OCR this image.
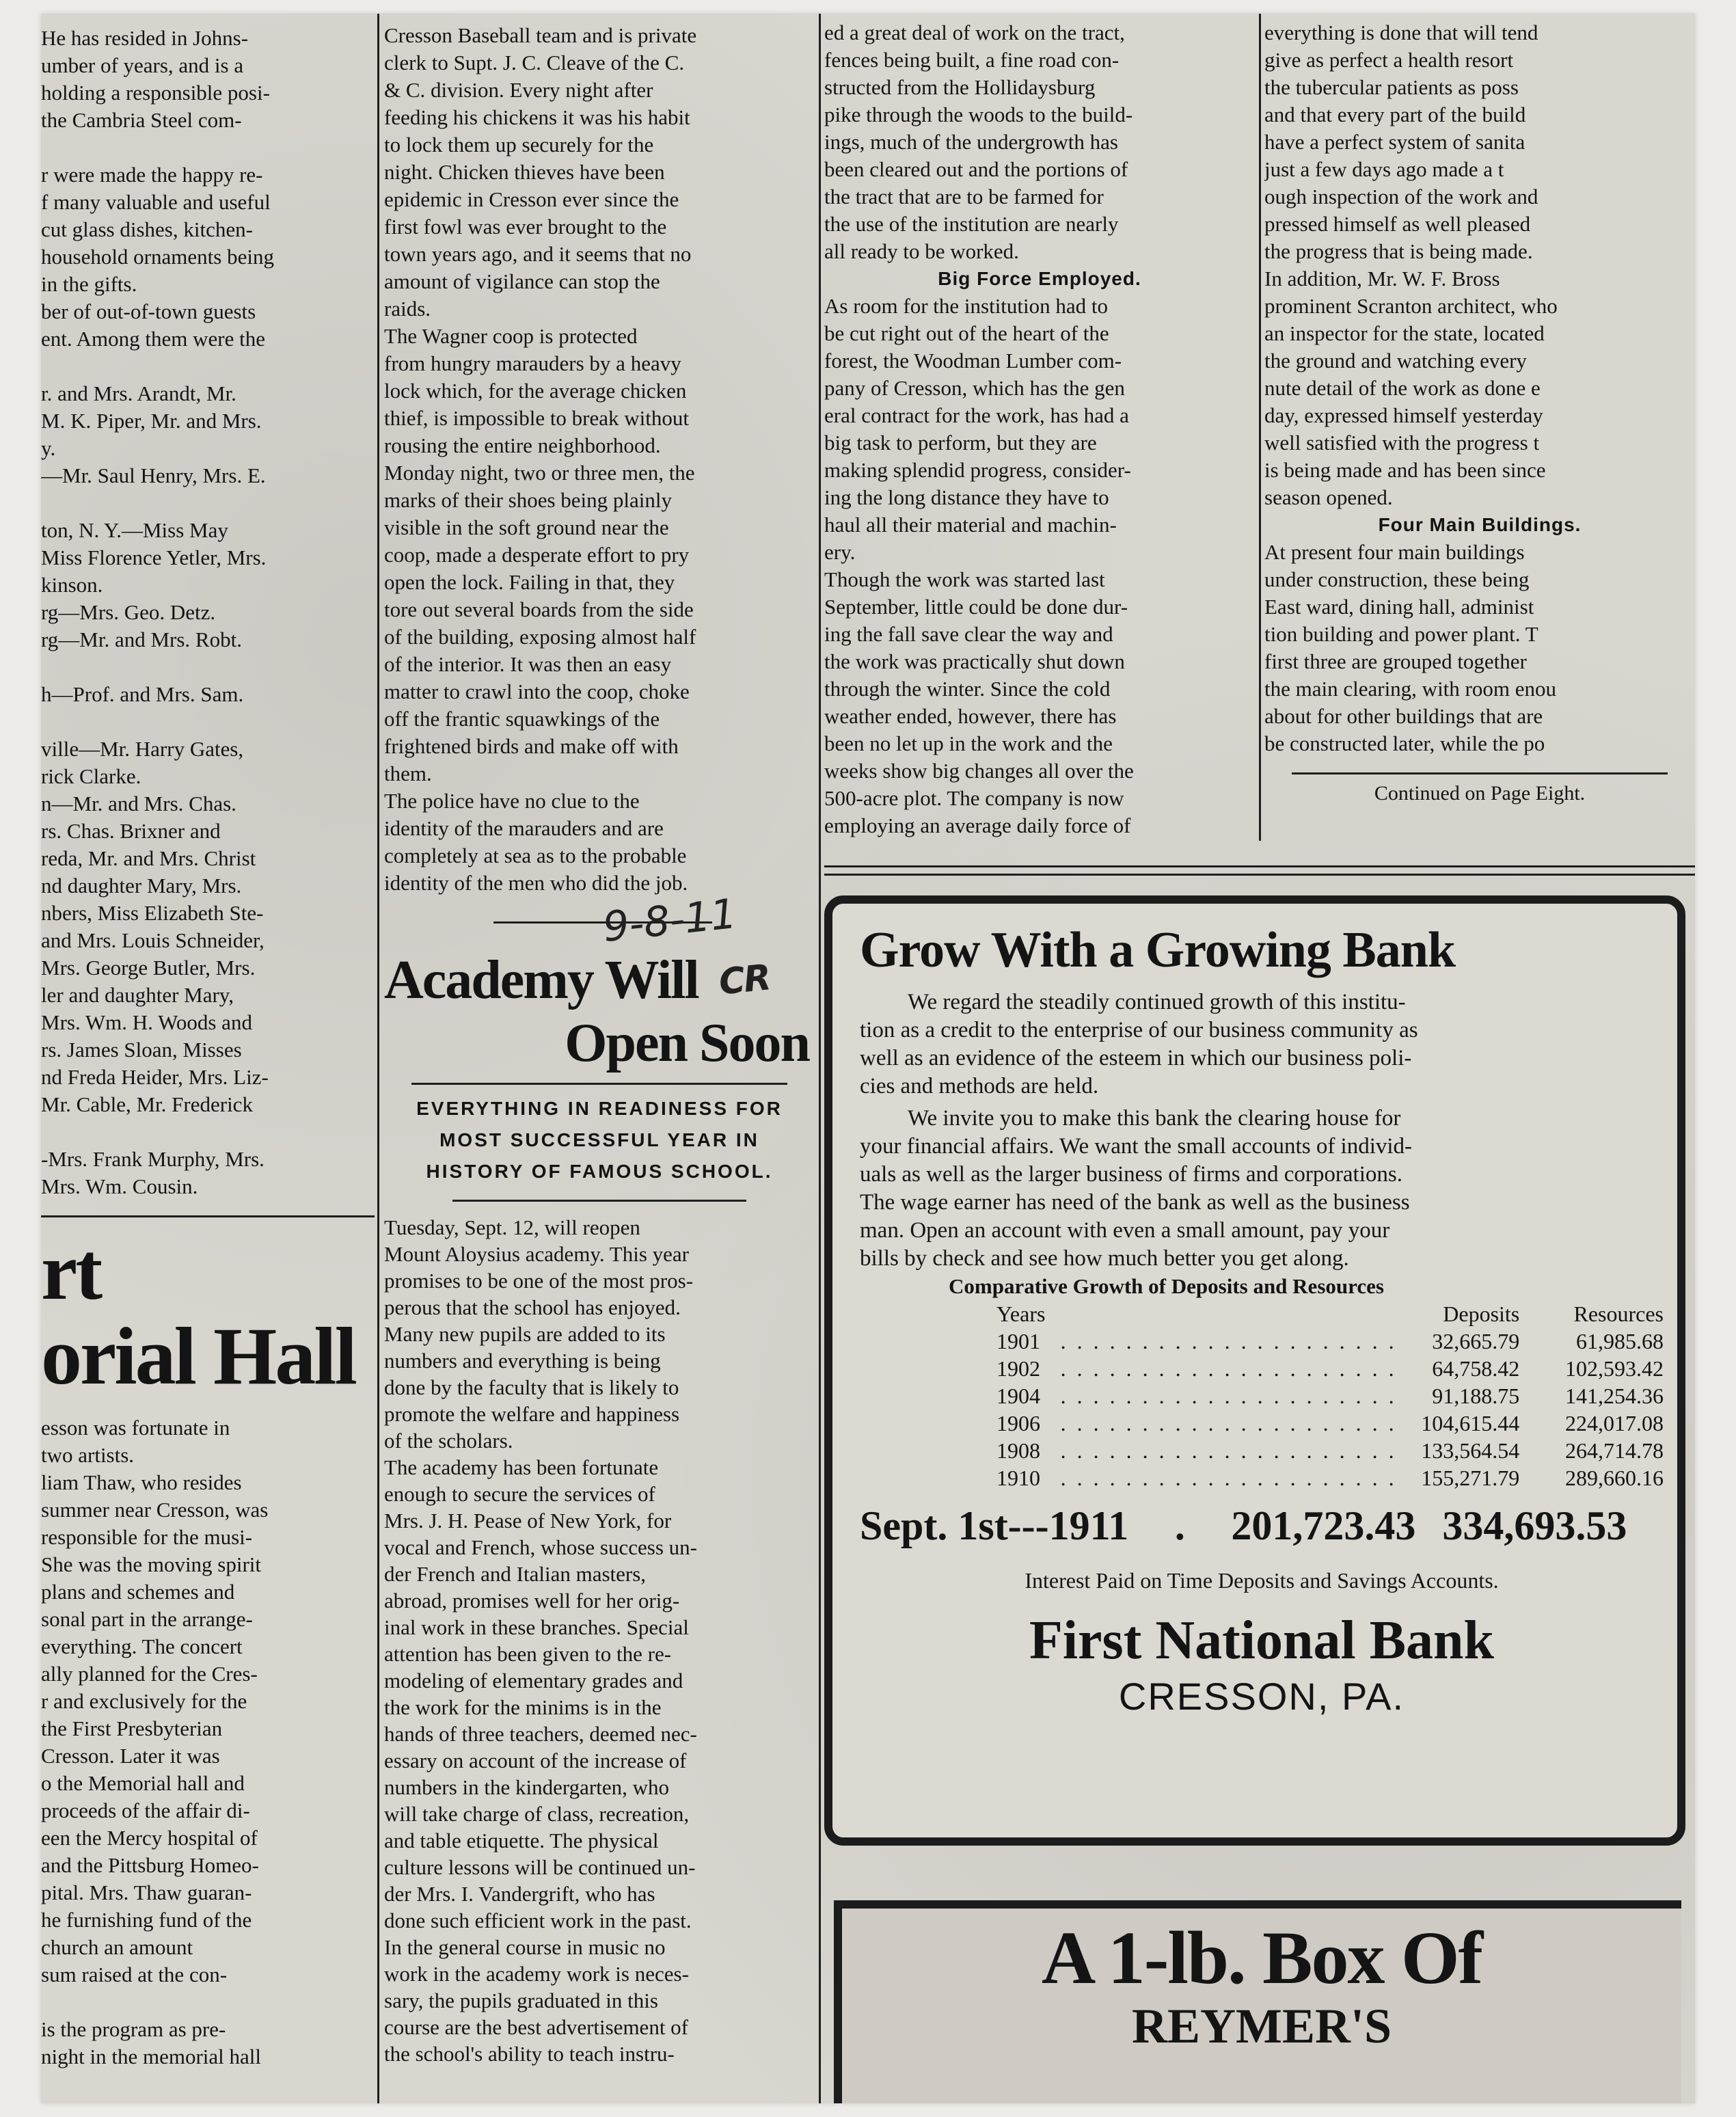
He has resided in Johns-
umber of years, and is a
holding a responsible posi-
the Cambria Steel com-

r were made the happy re-
f many valuable and useful
cut glass dishes, kitchen-
household ornaments being
in the gifts.
ber of out-of-town guests
ent. Among them were the

r. and Mrs. Arandt, Mr.
M. K. Piper, Mr. and Mrs.
y.
—Mr. Saul Henry, Mrs. E.

ton, N. Y.—Miss May
Miss Florence Yetler, Mrs.
kinson.
rg—Mrs. Geo. Detz.
rg—Mr. and Mrs. Robt.

h—Prof. and Mrs. Sam.

ville—Mr. Harry Gates,
rick Clarke.
n—Mr. and Mrs. Chas.
rs. Chas. Brixner and
reda, Mr. and Mrs. Christ
nd daughter Mary, Mrs.
nbers, Miss Elizabeth Ste-
and Mrs. Louis Schneider,
Mrs. George Butler, Mrs.
ler and daughter Mary,
Mrs. Wm. H. Woods and
rs. James Sloan, Misses
nd Freda Heider, Mrs. Liz-
Mr. Cable, Mr. Frederick

-Mrs. Frank Murphy, Mrs.
Mrs. Wm. Cousin.

rt
orial Hall

esson was fortunate in
two artists.
liam Thaw, who resides
summer near Cresson, was
responsible for the musi-
She was the moving spirit
plans and schemes and
sonal part in the arrange-
everything. The concert
ally planned for the Cres-
r and exclusively for the
the First Presbyterian
Cresson. Later it was
o the Memorial hall and
proceeds of the affair di-
een the Mercy hospital of
and the Pittsburg Homeo-
pital. Mrs. Thaw guaran-
he furnishing fund of the
church an amount
sum raised at the con-

is the program as pre-
night in the memorial hall

Cresson Baseball team and is private
clerk to Supt. J. C. Cleave of the C.
& C. division. Every night after
feeding his chickens it was his habit
to lock them up securely for the
night. Chicken thieves have been
epidemic in Cresson ever since the
first fowl was ever brought to the
town years ago, and it seems that no
amount of vigilance can stop the
raids.
The Wagner coop is protected
from hungry marauders by a heavy
lock which, for the average chicken
thief, is impossible to break without
rousing the entire neighborhood.
Monday night, two or three men, the
marks of their shoes being plainly
visible in the soft ground near the
coop, made a desperate effort to pry
open the lock. Failing in that, they
tore out several boards from the side
of the building, exposing almost half
of the interior. It was then an easy
matter to crawl into the coop, choke
off the frantic squawkings of the
frightened birds and make off with
them.
The police have no clue to the
identity of the marauders and are
completely at sea as to the probable
identity of the men who did the job.

9-8-11
Academy Will CR
Open Soon
EVERYTHING IN READINESS FOR
MOST SUCCESSFUL YEAR IN
HISTORY OF FAMOUS SCHOOL.

Tuesday, Sept. 12, will reopen
Mount Aloysius academy. This year
promises to be one of the most pros-
perous that the school has enjoyed.
Many new pupils are added to its
numbers and everything is being
done by the faculty that is likely to
promote the welfare and happiness
of the scholars.
The academy has been fortunate
enough to secure the services of
Mrs. J. H. Pease of New York, for
vocal and French, whose success un-
der French and Italian masters,
abroad, promises well for her orig-
inal work in these branches. Special
attention has been given to the re-
modeling of elementary grades and
the work for the minims is in the
hands of three teachers, deemed nec-
essary on account of the increase of
numbers in the kindergarten, who
will take charge of class, recreation,
and table etiquette. The physical
culture lessons will be continued un-
der Mrs. I. Vandergrift, who has
done such efficient work in the past.
In the general course in music no
work in the academy work is neces-
sary, the pupils graduated in this
course are the best advertisement of
the school's ability to teach instru-

ed a great deal of work on the tract,
fences being built, a fine road con-
structed from the Hollidaysburg
pike through the woods to the build-
ings, much of the undergrowth has
been cleared out and the portions of
the tract that are to be farmed for
the use of the institution are nearly
all ready to be worked.

Big Force Employed.

As room for the institution had to
be cut right out of the heart of the
forest, the Woodman Lumber com-
pany of Cresson, which has the gen
eral contract for the work, has had a
big task to perform, but they are
making splendid progress, consider-
ing the long distance they have to
haul all their material and machin-
ery.
Though the work was started last
September, little could be done dur-
ing the fall save clear the way and
the work was practically shut down
through the winter. Since the cold
weather ended, however, there has
been no let up in the work and the
weeks show big changes all over the
500-acre plot. The company is now
employing an average daily force of

everything is done that will tend
give as perfect a health resort
the tubercular patients as poss
and that every part of the build
have a perfect system of sanita
just a few days ago made a t
ough inspection of the work and
pressed himself as well pleased
the progress that is being made.
In addition, Mr. W. F. Bross
prominent Scranton architect, who
an inspector for the state, located
the ground and watching every
nute detail of the work as done e
day, expressed himself yesterday
well satisfied with the progress t
is being made and has been since
season opened.

Four Main Buildings.

At present four main buildings
under construction, these being
East ward, dining hall, administ
tion building and power plant. T
first three are grouped together
the main clearing, with room enou
about for other buildings that are
be constructed later, while the po

Continued on Page Eight.
Grow With a Growing Bank

We regard the steadily continued growth of this institu-
tion as a credit to the enterprise of our business community as
well as an evidence of the esteem in which our business poli-
cies and methods are held.

We invite you to make this bank the clearing house for
your financial affairs. We want the small accounts of individ-
uals as well as the larger business of firms and corporations.
The wage earner has need of the bank as well as the business
man. Open an account with even a small amount, pay your
bills by check and see how much better you get along.

Comparative Growth of Deposits and Resources
Years		Deposits	Resources
1901	. . . . . . . . . . . . . . . . . . . . .	32,665.79	61,985.68
1902	. . . . . . . . . . . . . . . . . . . . .	64,758.42	102,593.42
1904	. . . . . . . . . . . . . . . . . . . . .	91,188.75	141,254.36
1906	. . . . . . . . . . . . . . . . . . . . .	104,615.44	224,017.08
1908	. . . . . . . . . . . . . . . . . . . . .	133,564.54	264,714.78
1910	. . . . . . . . . . . . . . . . . . . . .	155,271.79	289,660.16
Sept. 1st---1911 . 201,723.43 334,693.53
Interest Paid on Time Deposits and Savings Accounts.
First National Bank
CRESSON, PA.
A 1-lb. Box Of
REYMER'S
